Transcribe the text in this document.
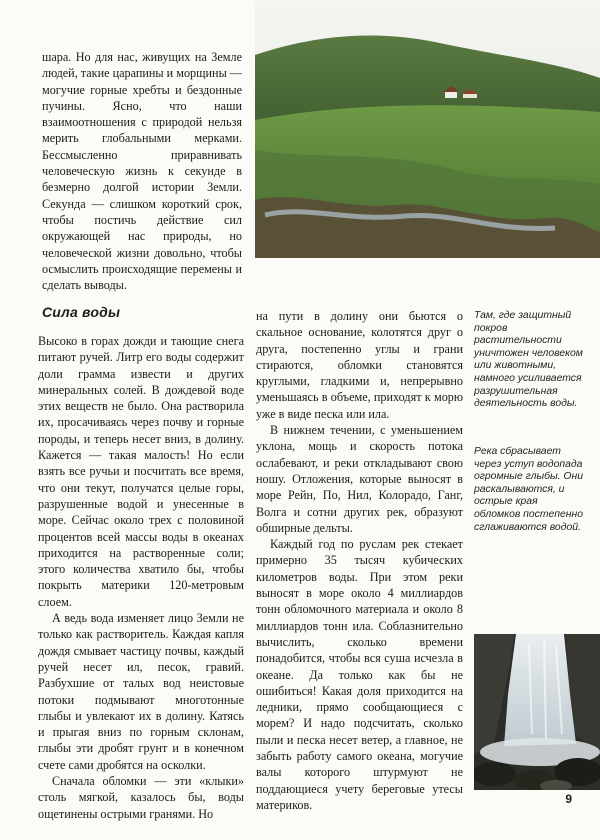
шара. Но для нас, живущих на Земле людей, такие царапины и морщины — могучие горные хребты и бездонные пучины. Ясно, что наши взаимоотношения с природой нельзя мерить глобальными мерками. Бессмысленно приравнивать человеческую жизнь к секунде в безмерно долгой истории Земли. Секунда — слишком короткий срок, чтобы постичь действие сил окружающей нас природы, но человеческой жизни довольно, чтобы осмыслить происходящие перемены и сделать выводы.

Сила воды

Высоко в горах дожди и тающие снега питают ручей. Литр его воды содержит доли грамма извести и других минеральных солей. В дождевой воде этих веществ не было. Она растворила их, просачиваясь через почву и горные породы, и теперь несет вниз, в долину. Кажется — такая малость! Но если взять все ручьи и посчитать все время, что они текут, получатся целые горы, разрушенные водой и унесенные в море. Сейчас около трех с половиной процентов всей массы воды в океанах приходится на растворенные соли; этого количества хватило бы, чтобы покрыть материки 120-метровым слоем.

А ведь вода изменяет лицо Земли не только как растворитель. Каждая капля дождя смывает частицу почвы, каждый ручей несет ил, песок, гравий. Разбухшие от талых вод неистовые потоки подмывают многотонные глыбы и увлекают их в долину. Катясь и прыгая вниз по горным склонам, глыбы эти дробят грунт и в конечном счете сами дробятся на осколки.

Сначала обломки — эти «клыки» столь мягкой, казалось бы, воды ощетинены острыми гранями. Но

на пути в долину они бьются о скальное основание, колотятся друг о друга, постепенно углы и грани стираются, обломки становятся круглыми, гладкими и, непрерывно уменьшаясь в объеме, приходят к морю уже в виде песка или ила.

В нижнем течении, с уменьшением уклона, мощь и скорость потока ослабевают, и реки откладывают свою ношу. Отложения, которые выносят в море Рейн, По, Нил, Колорадо, Ганг, Волга и сотни других рек, образуют обширные дельты.

Каждый год по руслам рек стекает примерно 35 тысяч кубических километров воды. При этом реки выносят в море около 4 миллиардов тонн обломочного материала и около 8 миллиардов тонн ила. Соблазнительно вычислить, сколько времени понадобится, чтобы вся суша исчезла в океане. Да только как бы не ошибиться! Какая доля приходится на ледники, прямо сообщающиеся с морем? И надо подсчитать, сколько пыли и песка несет ветер, а главное, не забыть работу самого океана, могучие валы которого штурмуют не поддающиеся учету береговые утесы материков.

Там, где защитный покров растительности уничтожен человеком или животными, намного усиливается разрушительная деятельность воды.
Река сбрасывает через уступ водопада огромные глыбы. Они раскалываются, и острые края обломков постепенно сглаживаются водой.
9
